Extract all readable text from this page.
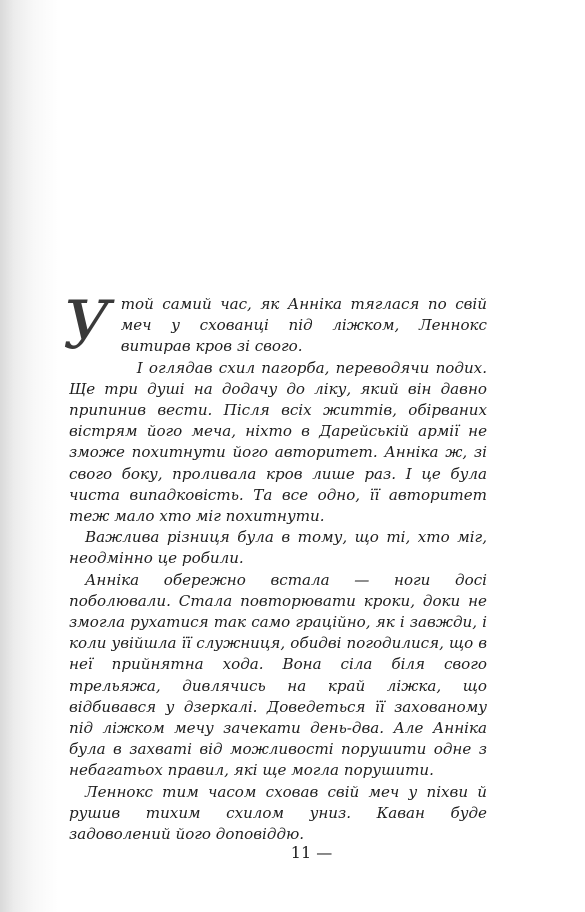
У той самий час, як Анніка тяглася по свій меч у схованці під ліжком, Леннокс витирав кров зі свого.

І оглядав схил пагорба, переводячи подих. Ще три душі на додачу до ліку, який він давно припинив вести. Після всіх життів, обірваних вістрям його меча, ніхто в Дарейській армії не зможе похитнути його авторитет. Анніка ж, зі свого боку, проливала кров лише раз. І це була чиста випадковість. Та все одно, її авторитет теж мало хто міг похитнути.

Важлива різниця була в тому, що ті, хто міг, неодмінно це робили.

Анніка обережно встала — ноги досі поболювали. Стала повторювати кроки, доки не змогла рухатися так само граційно, як і завжди, і коли увійшла її служниця, обидві погодилися, що в неї прийнятна хода. Вона сіла біля свого трельяжа, дивлячись на край ліжка, що відбивався у дзеркалі. Доведеться її захованому під ліжком мечу зачекати день-два. Але Анніка була в захваті від можливості порушити одне з небагатьох правил, які ще могла порушити.

Леннокс тим часом сховав свій меч у піхви й рушив тихим схилом униз. Каван буде задоволений його доповіддю.

11 —
